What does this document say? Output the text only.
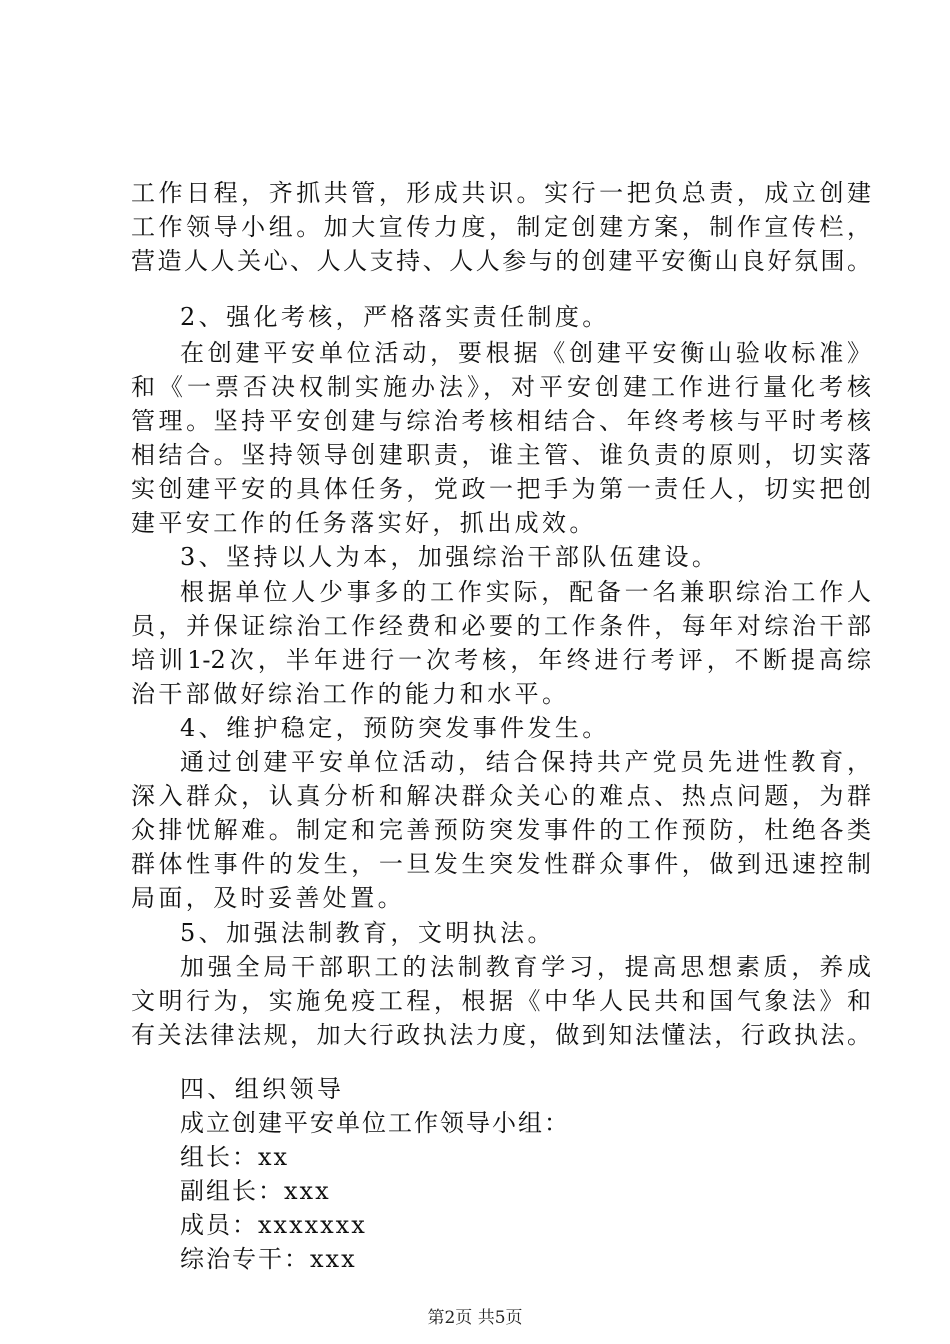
工作日程，齐抓共管，形成共识。实行一把负总责，成立创建
工作领导小组。加大宣传力度，制定创建方案，制作宣传栏，
营造人人关心、人人支持、人人参与的创建平安衡山良好氛围。
2、强化考核，严格落实责任制度。
在创建平安单位活动，要根据《创建平安衡山验收标准》
和《一票否决权制实施办法》，对平安创建工作进行量化考核
管理。坚持平安创建与综治考核相结合、年终考核与平时考核
相结合。坚持领导创建职责，谁主管、谁负责的原则，切实落
实创建平安的具体任务，党政一把手为第一责任人，切实把创
建平安工作的任务落实好，抓出成效。
3、坚持以人为本，加强综治干部队伍建设。
根据单位人少事多的工作实际，配备一名兼职综治工作人
员，并保证综治工作经费和必要的工作条件，每年对综治干部
培训1-2次，半年进行一次考核，年终进行考评，不断提高综
治干部做好综治工作的能力和水平。
4、维护稳定，预防突发事件发生。
通过创建平安单位活动，结合保持共产党员先进性教育，
深入群众，认真分析和解决群众关心的难点、热点问题，为群
众排忧解难。制定和完善预防突发事件的工作预防，杜绝各类
群体性事件的发生，一旦发生突发性群众事件，做到迅速控制
局面，及时妥善处置。
5、加强法制教育，文明执法。
加强全局干部职工的法制教育学习，提高思想素质，养成
文明行为，实施免疫工程，根据《中华人民共和国气象法》和
有关法律法规，加大行政执法力度，做到知法懂法，行政执法。
四、组织领导
成立创建平安单位工作领导小组：
组长：xx
副组长：xxx
成员：xxxxxxx
综治专干：xxx
第2页 共5页
